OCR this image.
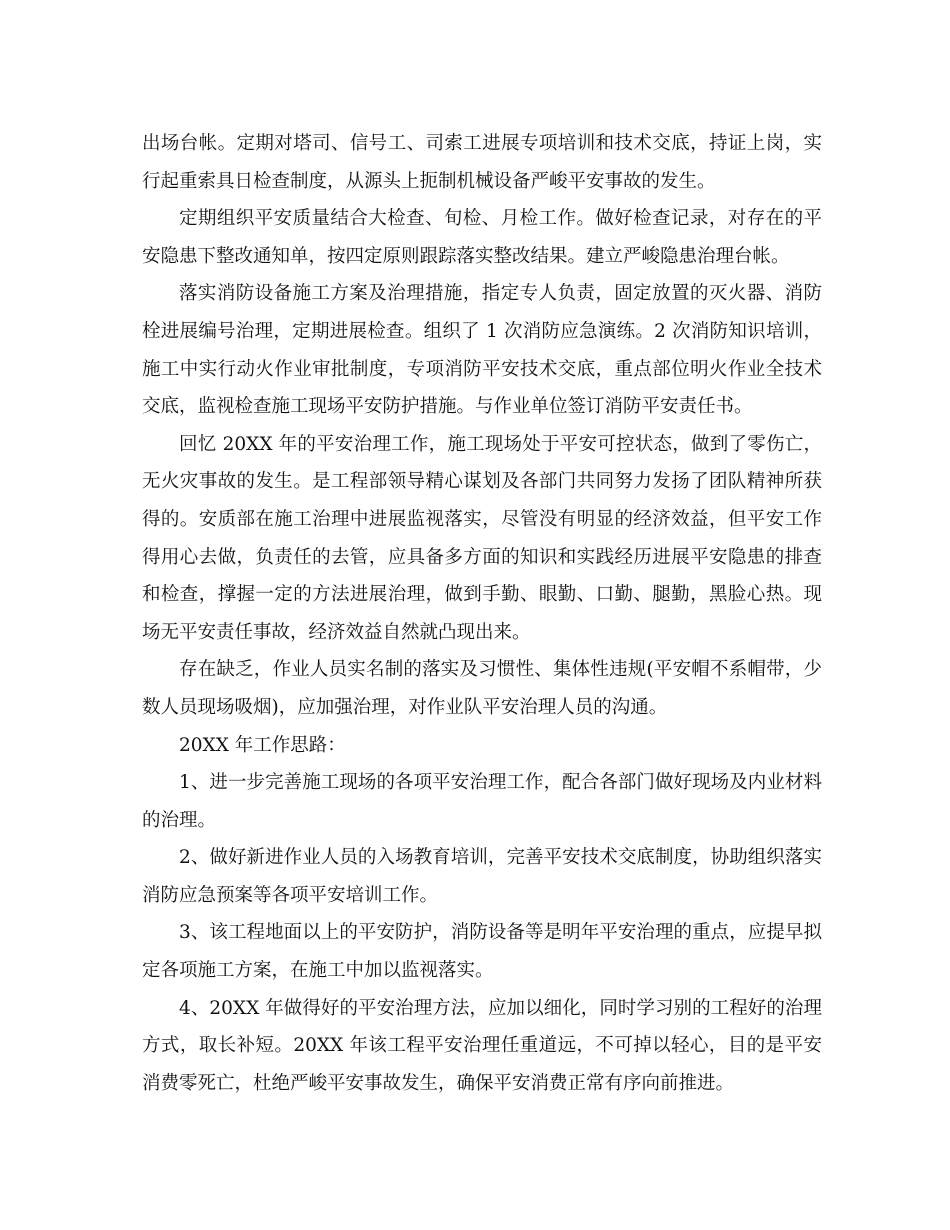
出场台帐。定期对塔司、信号工、司索工进展专项培训和技术交底，持证上岗，实行起重索具日检查制度，从源头上扼制机械设备严峻平安事故的发生。

定期组织平安质量结合大检查、旬检、月检工作。做好检查记录，对存在的平安隐患下整改通知单，按四定原则跟踪落实整改结果。建立严峻隐患治理台帐。

落实消防设备施工方案及治理措施，指定专人负责，固定放置的灭火器、消防栓进展编号治理，定期进展检查。组织了 1 次消防应急演练。2 次消防知识培训，施工中实行动火作业审批制度，专项消防平安技术交底，重点部位明火作业全技术交底，监视检查施工现场平安防护措施。与作业单位签订消防平安责任书。

回忆 20XX 年的平安治理工作，施工现场处于平安可控状态，做到了零伤亡，无火灾事故的发生。是工程部领导精心谋划及各部门共同努力发扬了团队精神所获得的。安质部在施工治理中进展监视落实，尽管没有明显的经济效益，但平安工作得用心去做，负责任的去管，应具备多方面的知识和实践经历进展平安隐患的排查和检查，撑握一定的方法进展治理，做到手勤、眼勤、口勤、腿勤，黑脸心热。现场无平安责任事故，经济效益自然就凸现出来。

存在缺乏，作业人员实名制的落实及习惯性、集体性违规(平安帽不系帽带，少数人员现场吸烟)，应加强治理，对作业队平安治理人员的沟通。

20XX 年工作思路：

1、进一步完善施工现场的各项平安治理工作，配合各部门做好现场及内业材料的治理。

2、做好新进作业人员的入场教育培训，完善平安技术交底制度，协助组织落实消防应急预案等各项平安培训工作。

3、该工程地面以上的平安防护，消防设备等是明年平安治理的重点，应提早拟定各项施工方案，在施工中加以监视落实。

4、20XX 年做得好的平安治理方法，应加以细化，同时学习别的工程好的治理方式，取长补短。20XX 年该工程平安治理任重道远，不可掉以轻心，目的是平安消费零死亡，杜绝严峻平安事故发生，确保平安消费正常有序向前推进。
